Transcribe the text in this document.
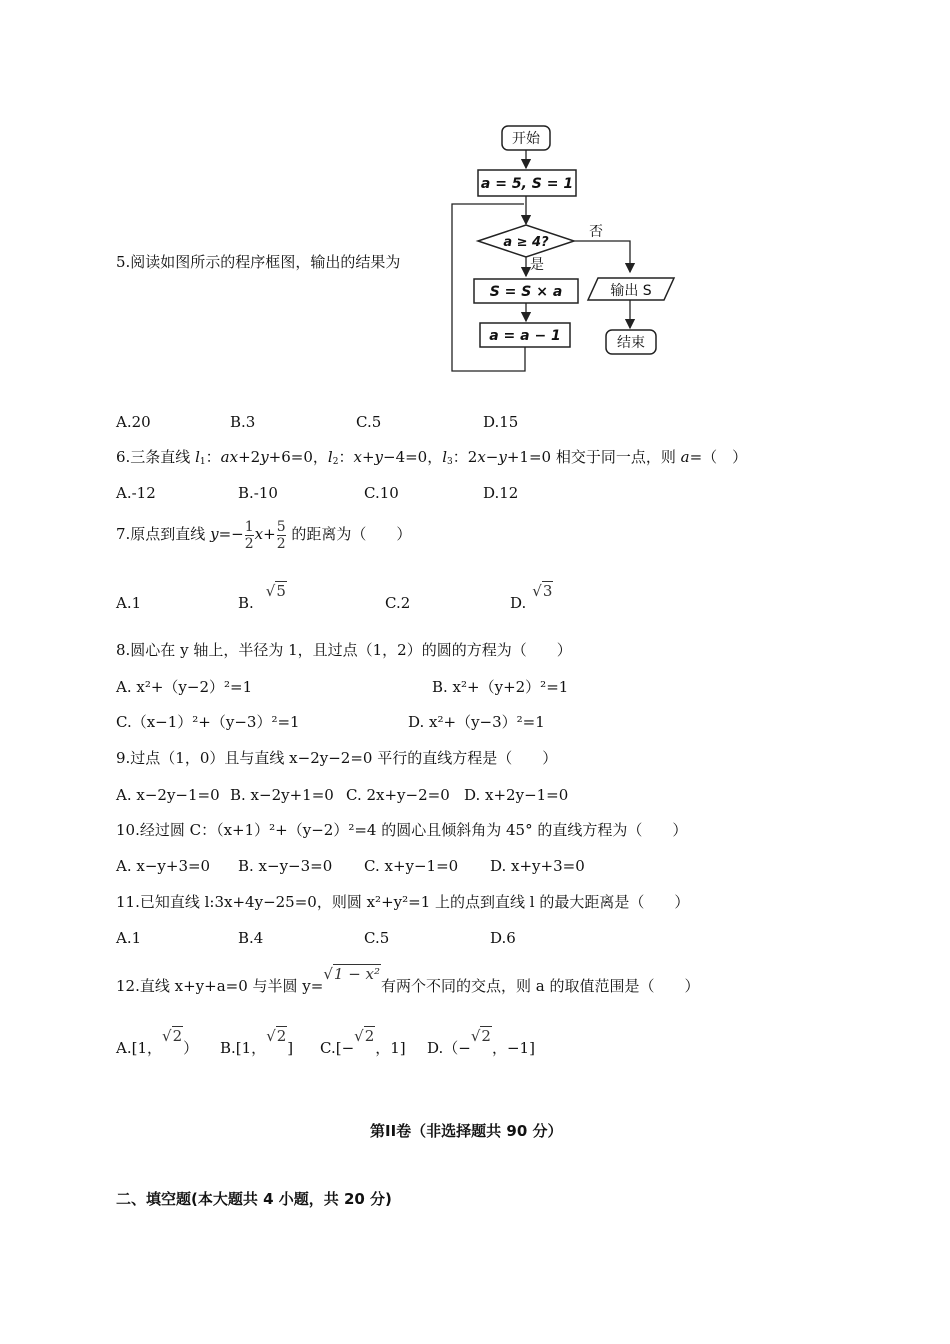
开始
a = 5, S = 1
a ≥ 4?
否
是
S = S × a
a = a − 1
输出 S
结束
5.阅读如图所示的程序框图，输出的结果为
A.20	B.3	C.5	D.15
6.三条直线 $l_1$：ax+2y+6=0，$l_2$：x+y−4=0，$l_3$：2x−y+1=0 相交于同一点，则 a=（　）
A.-12	B.-10	C.10	D.12
7.原点到直线 $y=- \frac{1}{2} x+ \frac{5}{2}$ 的距离为（　　）
A.1	B.√5
C.2	D.√3
8.圆心在 y 轴上，半径为 1，且过点（1，2）的圆的方程为（　　）
A. x²+（y−2）²=1	B. x²+（y+2）²=1
C.（x−1）²+（y−3）²=1	D. x²+（y−3）²=1
9.过点（1，0）且与直线 x−2y−2=0 平行的直线方程是（　　）
A. x−2y−1=0 B. x−2y+1=0 C. 2x+y−2=0 D. x+2y−1=0
10.经过圆 C：（x+1）²+（y−2）²=4 的圆心且倾斜角为 45° 的直线方程为（　　）
A. x−y+3=0 B. x−y−3=0 C. x+y−1=0 D. x+y+3=0
11.已知直线 l:3x+4y−25=0，则圆 x²+y²=1 上的点到直线 l 的最大距离是（　　）
A.1	B.4	C.5	D.6
12.直线 x+y+a=0 与半圆 y=√1 − x²有两个不同的交点，则 a 的取值范围是（　　）
A.[1，√2） B.[1，√2] C.[−√2，1] D.（−√2，−1]
第II卷（非选择题共 90 分）
二、填空题(本大题共 4 小题，共 20 分)
